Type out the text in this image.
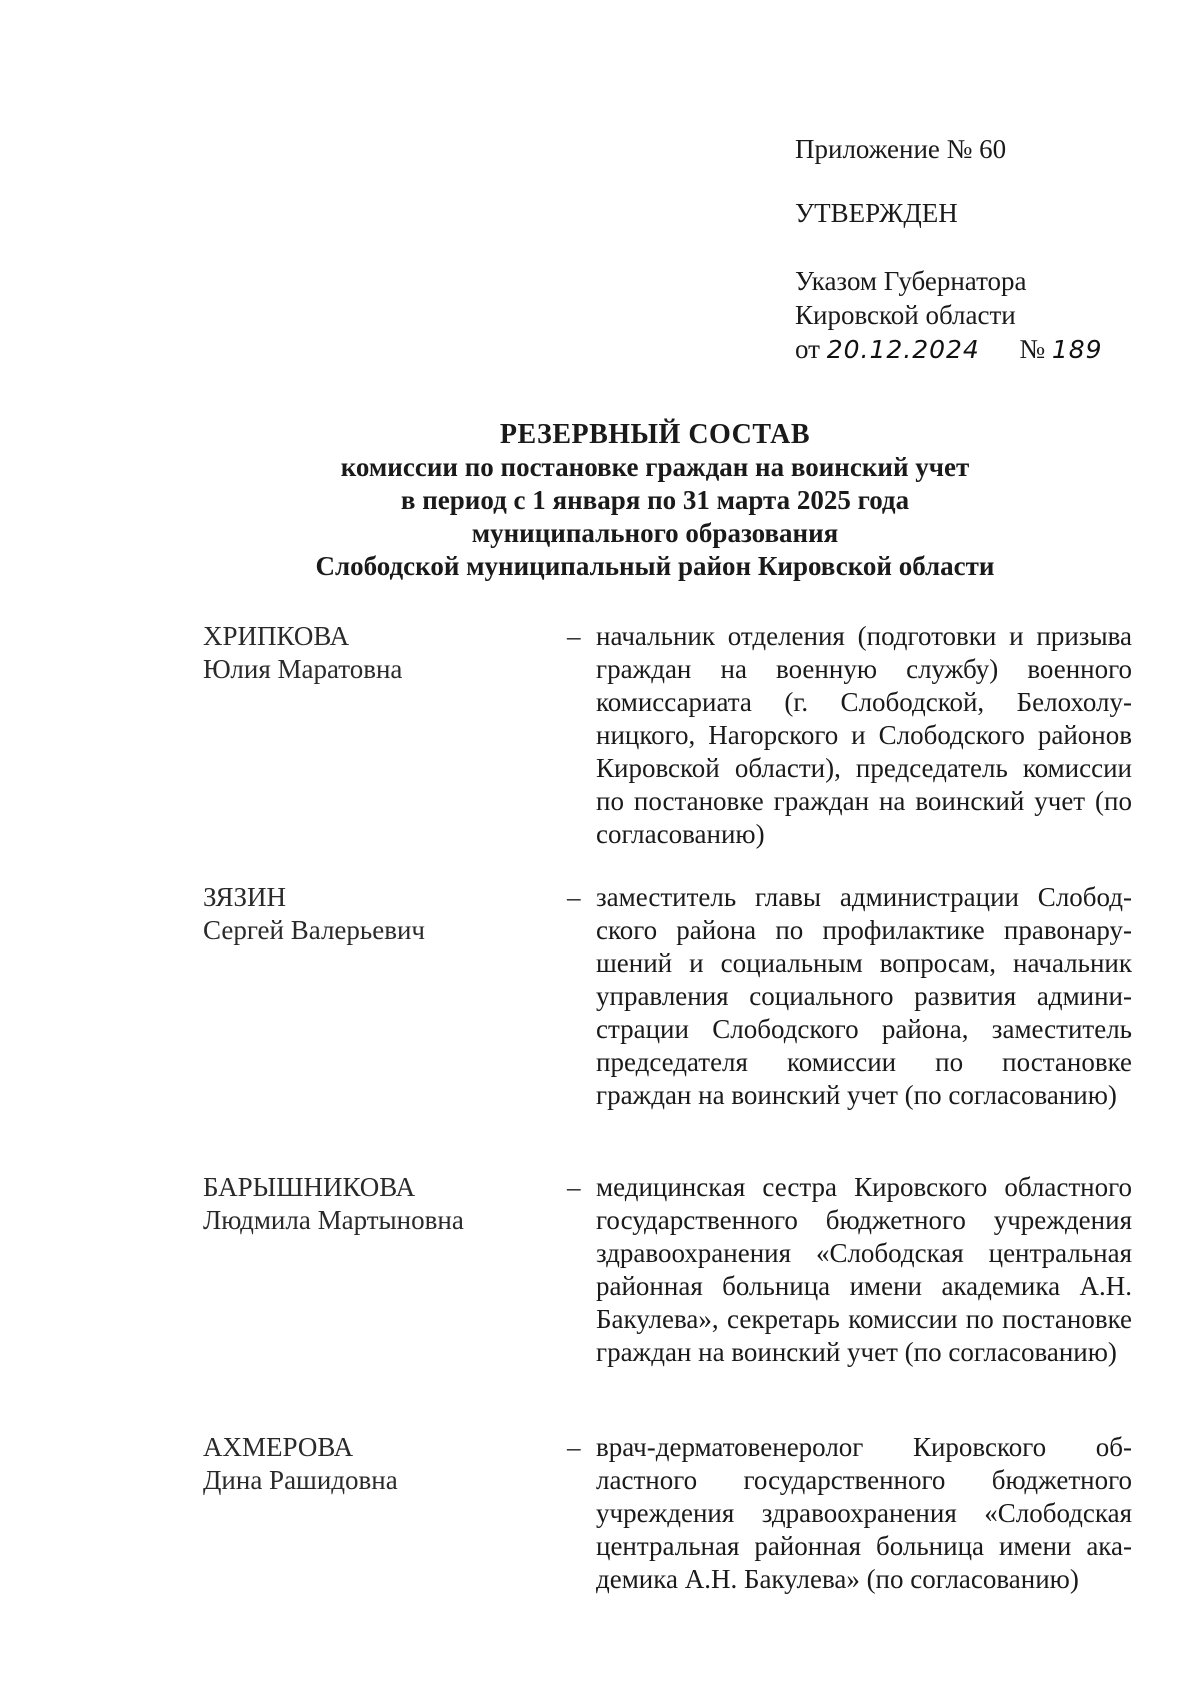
Приложение № 60
УТВЕРЖДЕН
Указом Губернатора
Кировской области
от 20.12.2024 № 189
РЕЗЕРВНЫЙ СОСТАВ
комиссии по постановке граждан на воинский учет
в период с 1 января по 31 марта 2025 года
муниципального образования
Слободской муниципальный район Кировской области
ХРИПКОВА
Юлия Маратовна
– начальник отделения (подготовки и призыва граждан на военную службу) военного комиссариата (г. Слободской, Белохолуницкого, Нагорского и Слободского районов Кировской области), председатель комиссии по постановке граждан на воинский учет (по согласованию)
ЗЯЗИН
Сергей Валерьевич
– заместитель главы администрации Слободского района по профилактике правонарушений и социальным вопросам, начальник управления социального развития администрации Слободского района, заместитель председателя комиссии по постановке граждан на воинский учет (по согласованию)
БАРЫШНИКОВА
Людмила Мартыновна
– медицинская сестра Кировского областного государственного бюджетного учреждения здравоохранения «Слободская центральная районная больница имени академика А.Н. Бакулева», секретарь комиссии по постановке граждан на воинский учет (по согласованию)
АХМЕРОВА
Дина Рашидовна
– врач-дерматовенеролог Кировского областного государственного бюджетного учреждения здравоохранения «Слободская центральная районная больница имени академика А.Н. Бакулева» (по согласованию)
